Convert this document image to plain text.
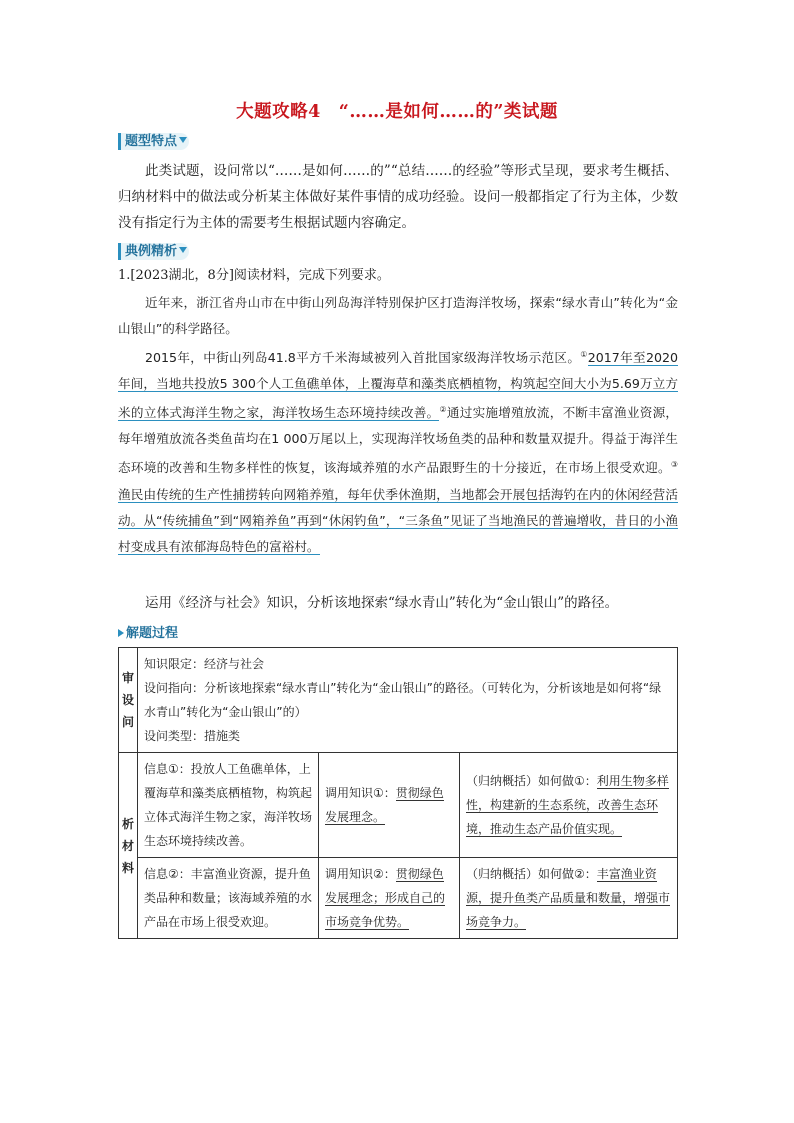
大题攻略4　“……是如何……的”类试题
题型特点
此类试题，设问常以“……是如何……的”“总结……的经验”等形式呈现，要求考生概括、归纳材料中的做法或分析某主体做好某件事情的成功经验。设问一般都指定了行为主体，少数没有指定行为主体的需要考生根据试题内容确定。
典例精析
1.[2023湖北，8分]阅读材料，完成下列要求。

近年来，浙江省舟山市在中街山列岛海洋特别保护区打造海洋牧场，探索“绿水青山”转化为“金山银山”的科学路径。

2015年，中街山列岛41.8平方千米海域被列入首批国家级海洋牧场示范区。①2017年至2020年间，当地共投放5 300个人工鱼礁单体，上覆海草和藻类底栖植物，构筑起空间大小为5.69万立方米的立体式海洋生物之家，海洋牧场生态环境持续改善。②通过实施增殖放流，不断丰富渔业资源，每年增殖放流各类鱼苗均在1 000万尾以上，实现海洋牧场鱼类的品种和数量双提升。得益于海洋生态环境的改善和生物多样性的恢复，该海域养殖的水产品跟野生的十分接近，在市场上很受欢迎。③渔民由传统的生产性捕捞转向网箱养殖，每年伏季休渔期，当地都会开展包括海钓在内的休闲经营活动。从“传统捕鱼”到“网箱养鱼”再到“休闲钓鱼”，“三条鱼”见证了当地渔民的普遍增收，昔日的小渔村变成具有浓郁海岛特色的富裕村。

运用《经济与社会》知识，分析该地探索“绿水青山”转化为“金山银山”的路径。
解题过程
审设问	知识限定：经济与社会
设问指向：分析该地探索“绿水青山”转化为“金山银山”的路径。（可转化为，分析该地是如何将“绿水青山”转化为“金山银山”的）
设问类型：措施类		

析材料	信息①：投放人工鱼礁单体，上覆海草和藻类底栖植物，构筑起立体式海洋生物之家，海洋牧场生态环境持续改善。	调用知识①：贯彻绿色发展理念。	（归纳概括）如何做①：利用生物多样性，构建新的生态系统，改善生态环境，推动生态产品价值实现。
	信息②：丰富渔业资源，提升鱼类品种和数量；该海域养殖的水产品在市场上很受欢迎。	调用知识②：贯彻绿色发展理念；形成自己的市场竞争优势。	（归纳概括）如何做②：丰富渔业资源，提升鱼类产品质量和数量，增强市场竞争力。
